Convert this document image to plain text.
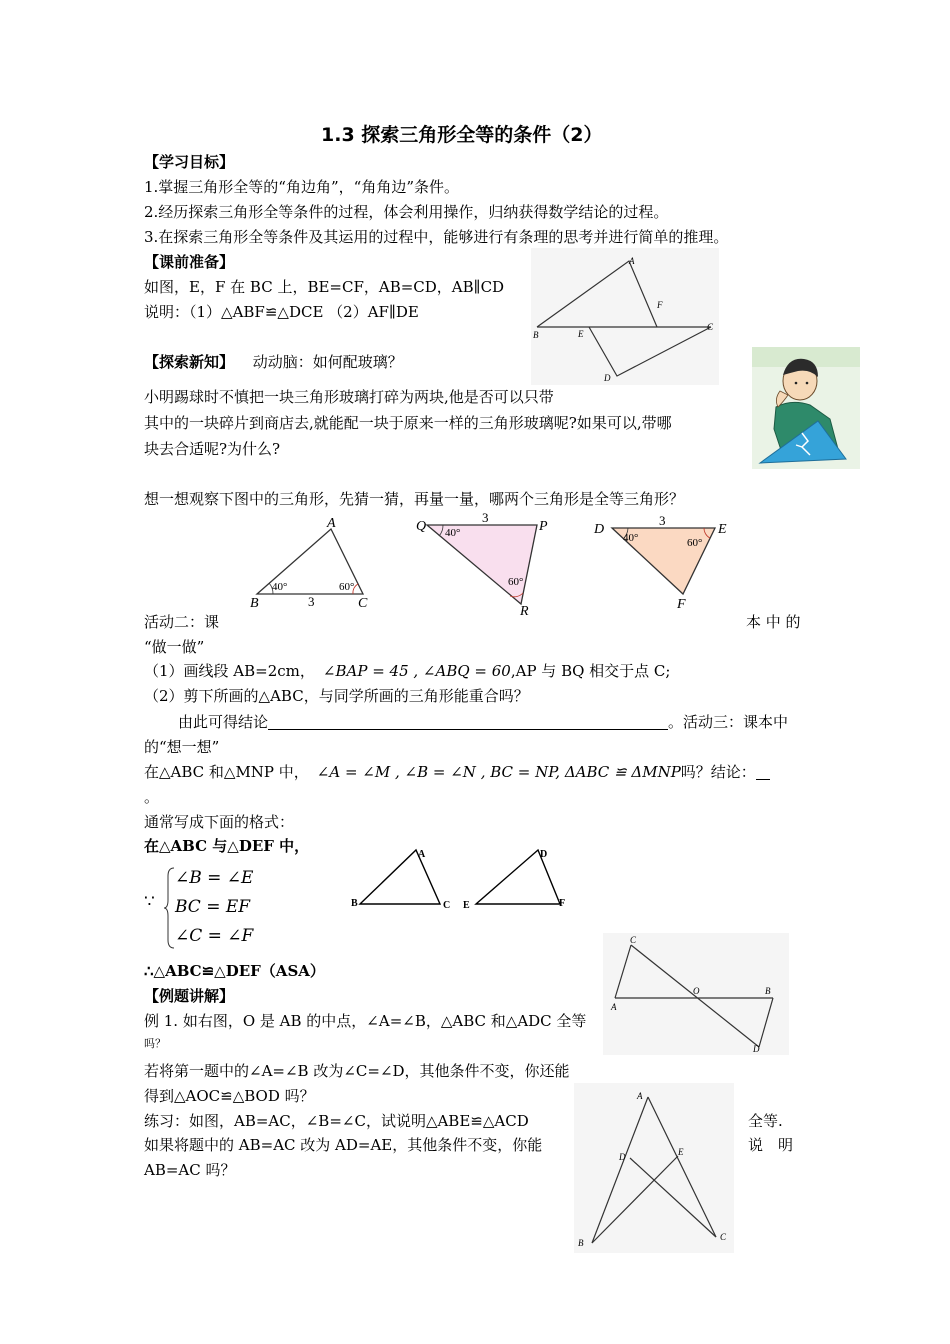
1.3 探索三角形全等的条件（2）
【学习目标】
1.掌握三角形全等的“角边角”，“角角边”条件。
2.经历探索三角形全等条件的过程，体会利用操作，归纳获得数学结论的过程。
3.在探索三角形全等条件及其运用的过程中，能够进行有条理的思考并进行简单的推理。
【课前准备】
如图，E，F 在 BC 上，BE=CF，AB=CD，AB∥CD
说明：（1）△ABF≌△DCE （2）AF∥DE
A
B
C
D
E
F
【探索新知】 动动脑：如何配玻璃？
小明踢球时不慎把一块三角形玻璃打碎为两块,他是否可以只带
其中的一块碎片到商店去,就能配一块于原来一样的三角形玻璃呢?如果可以,带哪
块去合适呢?为什么?
想一想观察下图中的三角形，先猜一猜，再量一量，哪两个三角形是全等三角形？
A
B	C
3
40°	60°
Q	P
R
3
40°
60°
D	E
F
3
40°	60°
活动二：课	本 中 的
“做一做”
（1）画线段 AB=2cm， ∠BAP = 45 , ∠ABQ = 60,AP 与 BQ 相交于点 C;
（2）剪下所画的△ABC，与同学所画的三角形能重合吗？
由此可得结论	。活动三：课本中
的“想一想”
在△ABC 和△MNP 中， ∠A = ∠M , ∠B = ∠N , BC = NP, ΔABC ≌ ΔMNP吗？结论：
。
通常写成下面的格式：
在△ABC 与△DEF 中，
∵
∠B = ∠E
BC = EF
∠C = ∠F
A
B	C
D
E	F
∴△ABC≌△DEF（ASA）
【例题讲解】
例 1. 如右图，O 是 AB 的中点，∠A=∠B，△ABC 和△ADC 全等
吗？
若将第一题中的∠A=∠B 改为∠C=∠D，其他条件不变，你还能
得到△AOC≌△BOD 吗？
练习：如图，AB=AC，∠B=∠C，试说明△ABE≌△ACD	全等.
如果将题中的 AB=AC 改为 AD=AE，其他条件不变，你能	说　明
AB=AC 吗？
C
A
O	B
D
A
D	E
B
C
